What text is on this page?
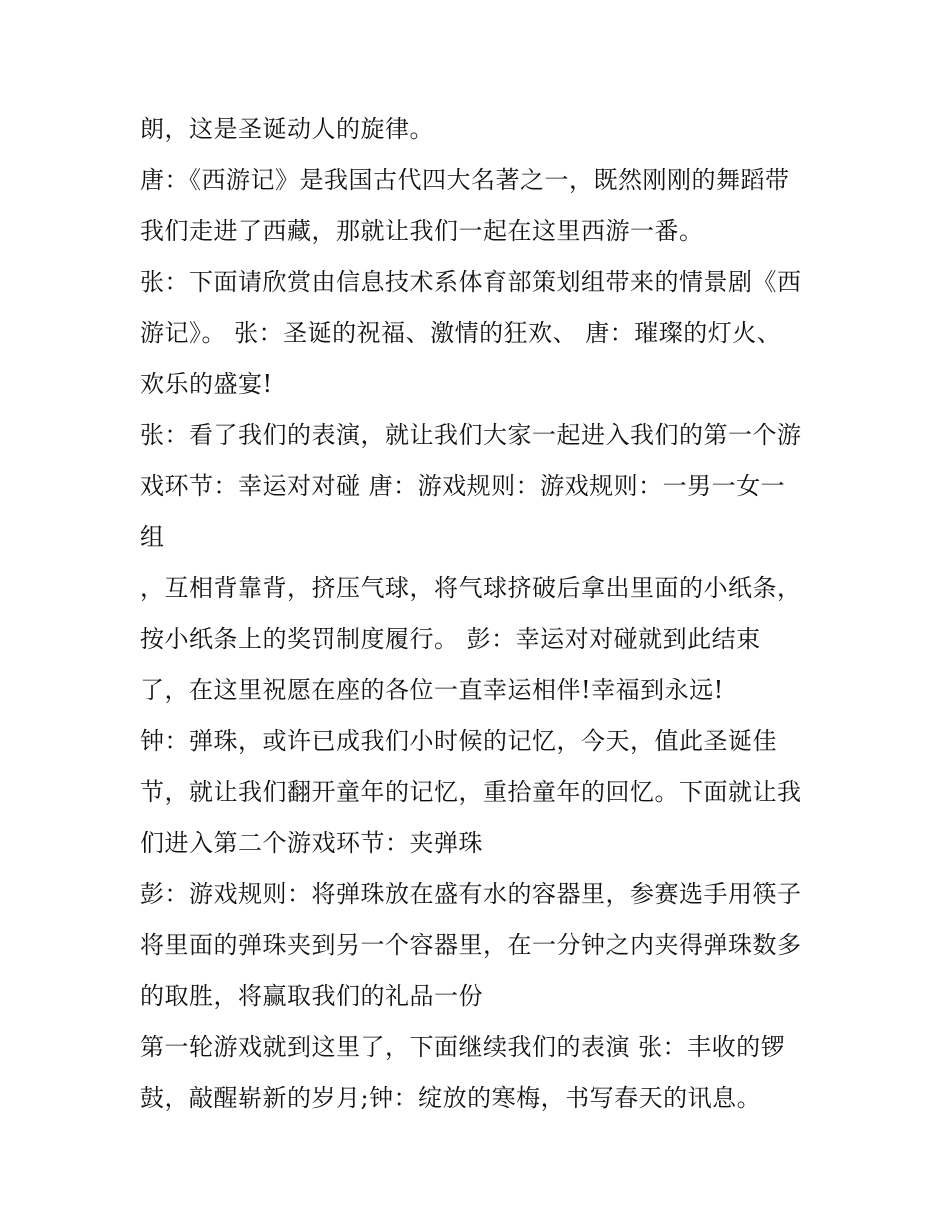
朗，这是圣诞动人的旋律。
唐：《西游记》是我国古代四大名著之一，既然刚刚的舞蹈带
我们走进了西藏，那就让我们一起在这里西游一番。
张：下面请欣赏由信息技术系体育部策划组带来的情景剧《西
游记》。 张：圣诞的祝福、激情的狂欢、 唐：璀璨的灯火、
欢乐的盛宴!
张：看了我们的表演，就让我们大家一起进入我们的第一个游
戏环节：幸运对对碰 唐：游戏规则：游戏规则：一男一女一
组
，互相背靠背，挤压气球，将气球挤破后拿出里面的小纸条，
按小纸条上的奖罚制度履行。 彭：幸运对对碰就到此结束
了，在这里祝愿在座的各位一直幸运相伴!幸福到永远!
钟：弹珠，或许已成我们小时候的记忆，今天，值此圣诞佳
节，就让我们翻开童年的记忆，重拾童年的回忆。下面就让我
们进入第二个游戏环节：夹弹珠
彭：游戏规则：将弹珠放在盛有水的容器里，参赛选手用筷子
将里面的弹珠夹到另一个容器里，在一分钟之内夹得弹珠数多
的取胜，将赢取我们的礼品一份
第一轮游戏就到这里了，下面继续我们的表演 张：丰收的锣
鼓，敲醒崭新的岁月;钟：绽放的寒梅，书写春天的讯息。
